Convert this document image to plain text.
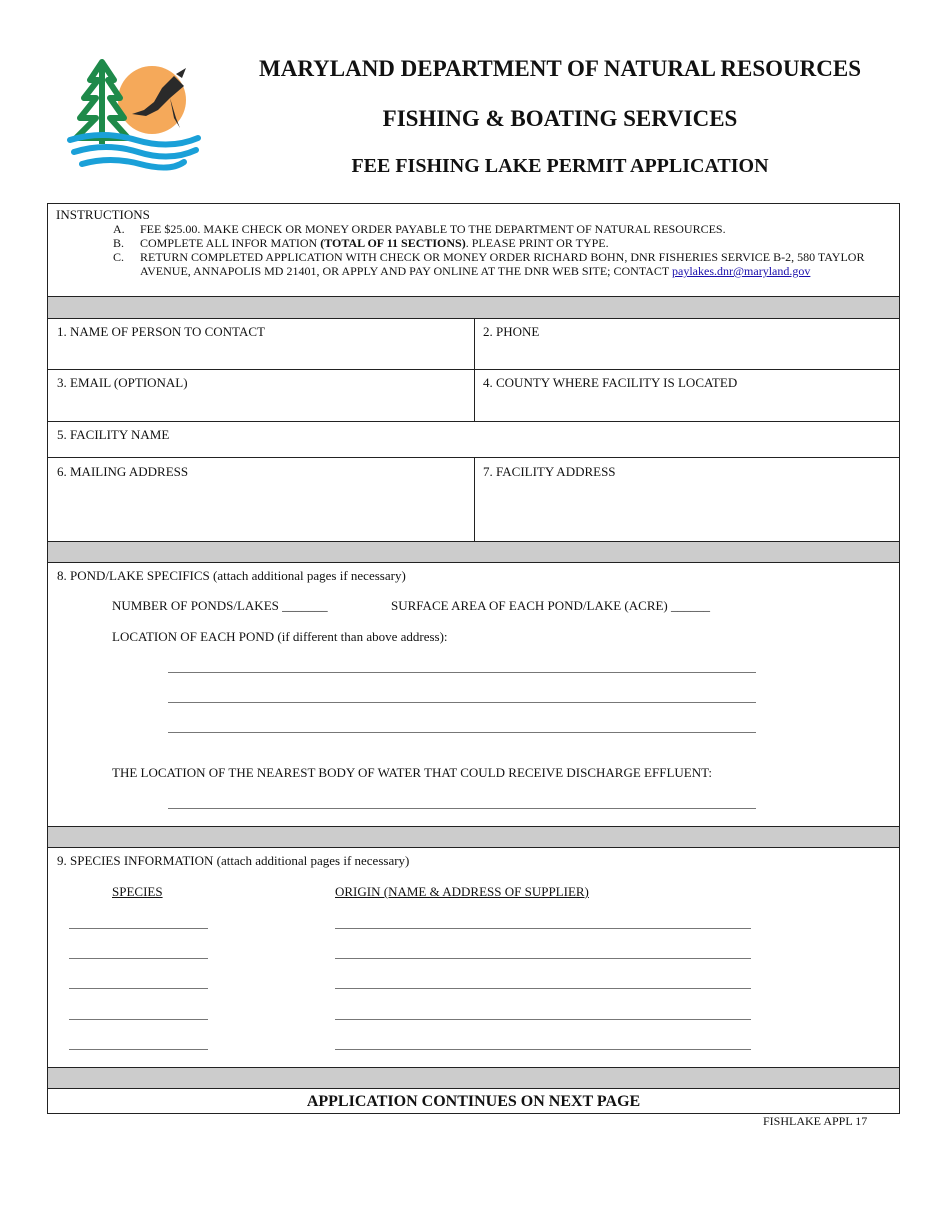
MARYLAND DEPARTMENT OF NATURAL RESOURCES
FISHING & BOATING SERVICES
FEE FISHING LAKE PERMIT APPLICATION
INSTRUCTIONS
A. FEE $25.00. MAKE CHECK OR MONEY ORDER PAYABLE TO THE DEPARTMENT OF NATURAL RESOURCES.
B. COMPLETE ALL INFOR MATION (TOTAL OF 11 SECTIONS). PLEASE PRINT OR TYPE.
C. RETURN COMPLETED APPLICATION WITH CHECK OR MONEY ORDER RICHARD BOHN, DNR FISHERIES SERVICE B-2, 580 TAYLOR AVENUE, ANNAPOLIS MD 21401, OR APPLY AND PAY ONLINE AT THE DNR WEB SITE; CONTACT paylakes.dnr@maryland.gov
1. NAME OF PERSON TO CONTACT	2. PHONE
3. EMAIL (OPTIONAL)	4. COUNTY WHERE FACILITY IS LOCATED
5. FACILITY NAME
6. MAILING ADDRESS	7. FACILITY ADDRESS
8. POND/LAKE SPECIFICS (attach additional pages if necessary)
NUMBER OF PONDS/LAKES _______	SURFACE AREA OF EACH POND/LAKE (ACRE) ______
LOCATION OF EACH POND (if different than above address):
THE LOCATION OF THE NEAREST BODY OF WATER THAT COULD RECEIVE DISCHARGE EFFLUENT:
9. SPECIES INFORMATION (attach additional pages if necessary)
SPECIES	ORIGIN (NAME & ADDRESS OF SUPPLIER)
APPLICATION CONTINUES ON NEXT PAGE
FISHLAKE APPL 17
